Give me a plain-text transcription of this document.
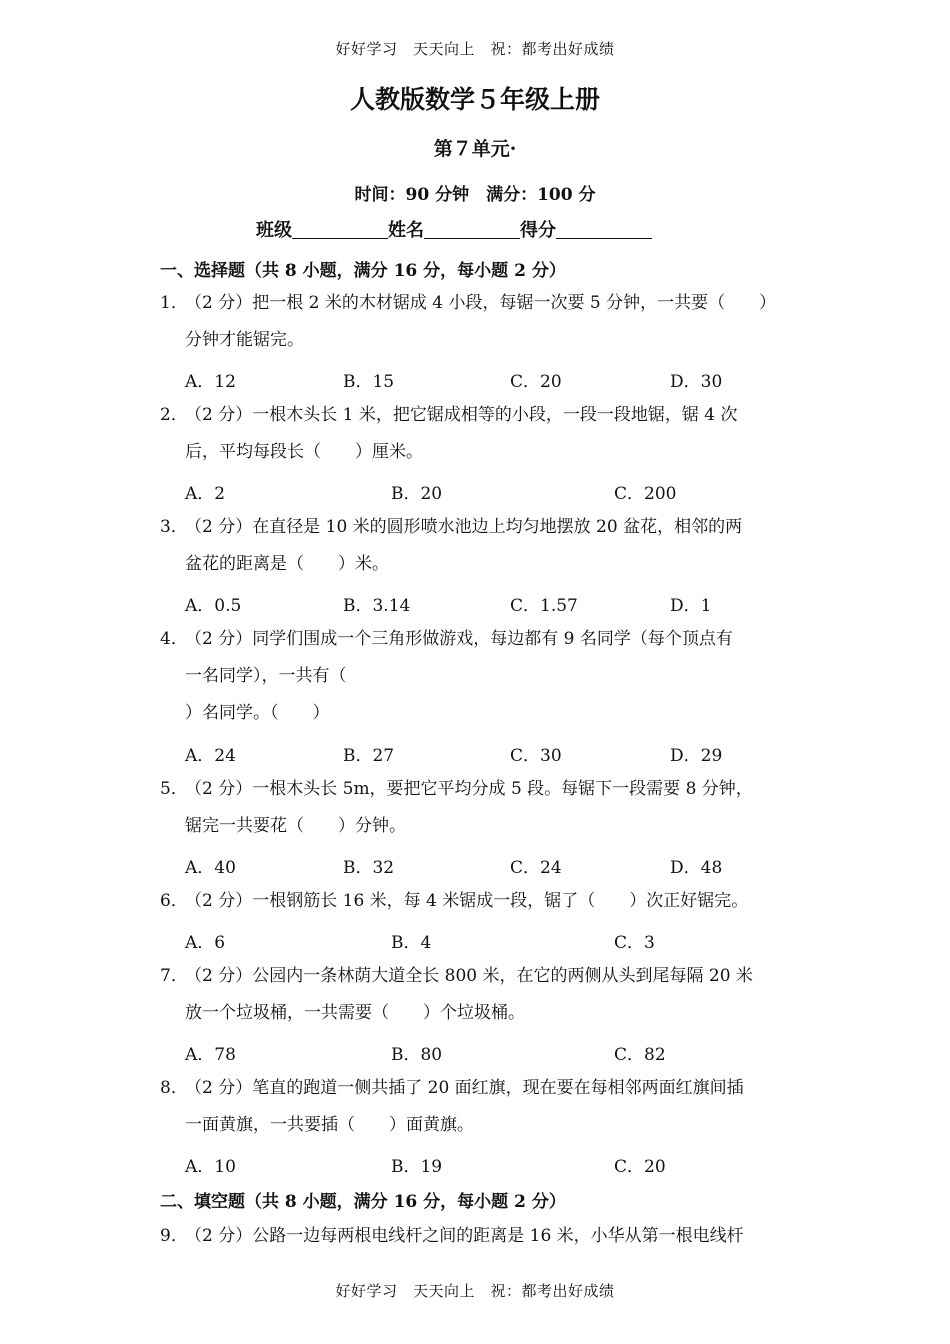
好好学习　天天向上　祝：都考出好成绩
人教版数学５年级上册
第７单元·
时间：90 分钟　满分：100 分
班级	姓名	得分
一、选择题（共 8 小题，满分 16 分，每小题 2 分）
1．
（2 分）把一根 2 米的木材锯成 4 小段，每锯一次要 5 分钟，一共要（　　）
分钟才能锯完。
A．12	B．15	C．20	D．30
2．
（2 分）一根木头长 1 米，把它锯成相等的小段，一段一段地锯，锯 4 次
后，平均每段长（　　）厘米。
A．2	B．20	C．200
3．
（2 分）在直径是 10 米的圆形喷水池边上均匀地摆放 20 盆花，相邻的两
盆花的距离是（　　）米。
A．0.5	B．3.14	C．1.57	D．1
4．
（2 分）同学们围成一个三角形做游戏，每边都有 9 名同学（每个顶点有
一名同学），一共有（
）名同学。（　　）
A．24	B．27	C．30	D．29
5．
（2 分）一根木头长 5m，要把它平均分成 5 段。每锯下一段需要 8 分钟，
锯完一共要花（　　）分钟。
A．40	B．32	C．24	D．48
6．
（2 分）一根钢筋长 16 米，每 4 米锯成一段，锯了（　　）次正好锯完。
A．6	B．4	C．3
7．
（2 分）公园内一条林荫大道全长 800 米，在它的两侧从头到尾每隔 20 米
放一个垃圾桶，一共需要（　　）个垃圾桶。
A．78	B．80	C．82
8．
（2 分）笔直的跑道一侧共插了 20 面红旗，现在要在每相邻两面红旗间插
一面黄旗，一共要插（　　）面黄旗。
A．10	B．19	C．20
二、填空题（共 8 小题，满分 16 分，每小题 2 分）
9．
（2 分）公路一边每两根电线杆之间的距离是 16 米，小华从第一根电线杆
好好学习　天天向上　祝：都考出好成绩
